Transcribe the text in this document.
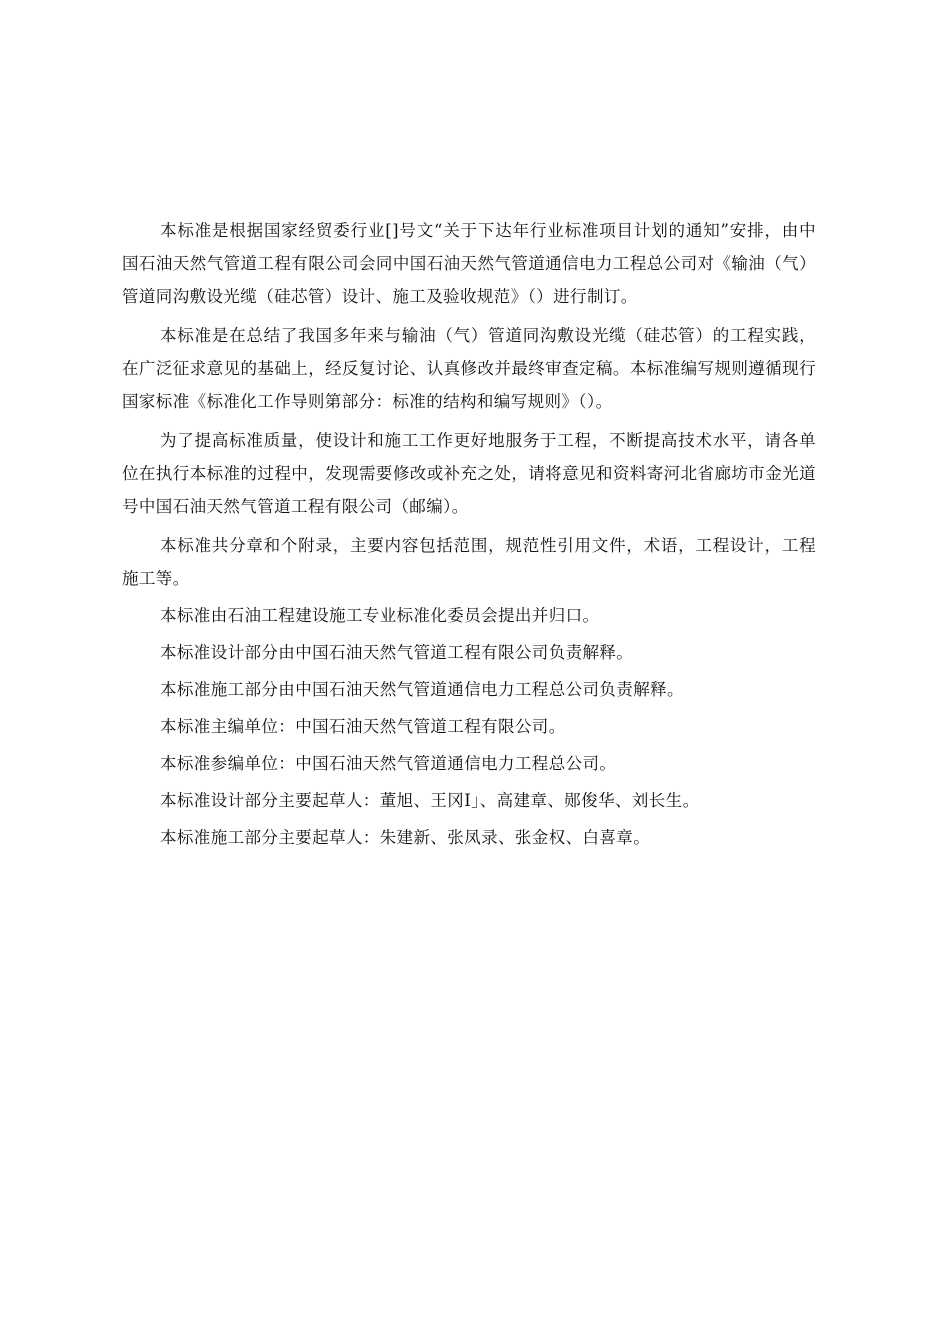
本标准是根据国家经贸委行业[]号文“关于下达年行业标准项目计划的通知”安排，由中国石油天然气管道工程有限公司会同中国石油天然气管道通信电力工程总公司对《输油（气）管道同沟敷设光缆（硅芯管）设计、施工及验收规范》（）进行制订。

本标准是在总结了我国多年来与输油（气）管道同沟敷设光缆（硅芯管）的工程实践，在广泛征求意见的基础上，经反复讨论、认真修改并最终审查定稿。本标准编写规则遵循现行国家标准《标准化工作导则第部分：标准的结构和编写规则》（）。

为了提高标准质量，使设计和施工工作更好地服务于工程，不断提高技术水平，请各单位在执行本标准的过程中，发现需要修改或补充之处，请将意见和资料寄河北省廊坊市金光道号中国石油天然气管道工程有限公司（邮编）。

本标准共分章和个附录，主要内容包括范围，规范性引用文件，术语，工程设计，工程施工等。

本标准由石油工程建设施工专业标准化委员会提出并归口。

本标准设计部分由中国石油天然气管道工程有限公司负责解释。

本标准施工部分由中国石油天然气管道通信电力工程总公司负责解释。

本标准主编单位：中国石油天然气管道工程有限公司。

本标准参编单位：中国石油天然气管道通信电力工程总公司。

本标准设计部分主要起草人：董旭、王冈I」、高建章、郧俊华、刘长生。

本标准施工部分主要起草人：朱建新、张凤录、张金权、白喜章。
